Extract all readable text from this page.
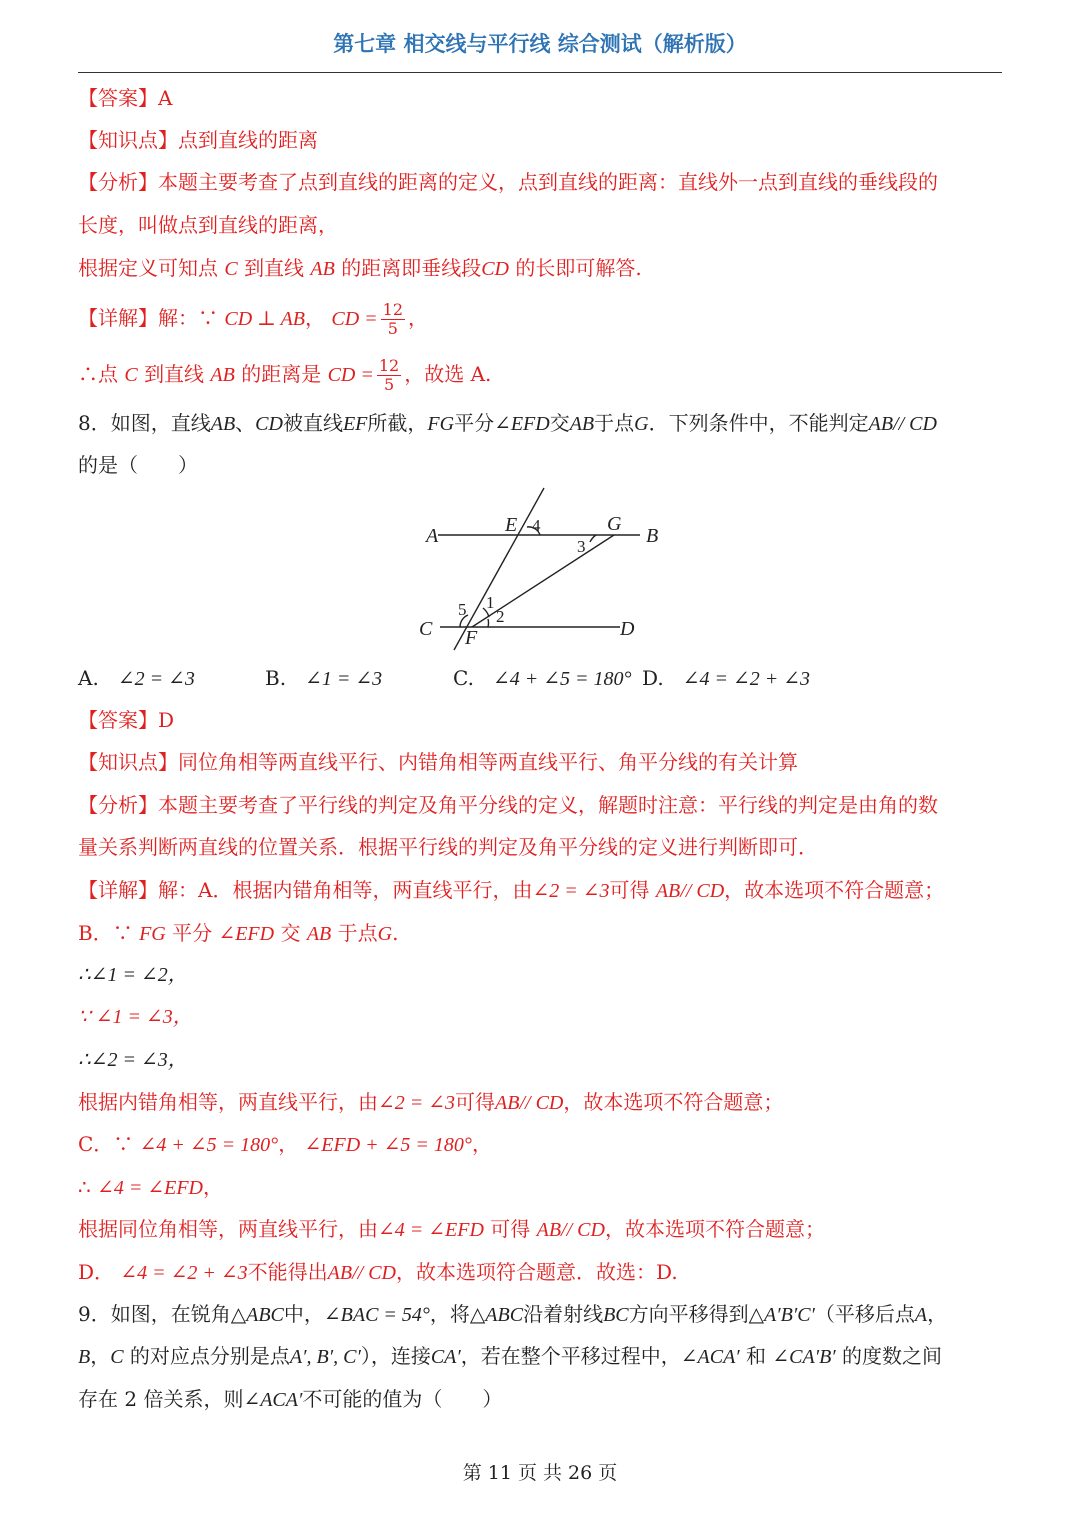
第七章 相交线与平行线 综合测试（解析版）
【答案】A
【知识点】点到直线的距离
【分析】本题主要考查了点到直线的距离的定义，点到直线的距离：直线外一点到直线的垂线段的
长度，叫做点到直线的距离，
根据定义可知点 C 到直线 AB 的距离即垂线段CD 的长即可解答.
【详解】解：∵ CD ⊥ AB， CD = $\frac{12}{5}$ ，
∴点 C 到直线 AB 的距离是 CD = $\frac{12}{5}$ ，故选 A.
8．如图，直线AB、CD被直线EF所截，FG平分∠EFD交AB于点G．下列条件中，不能判定AB// CD
的是（　　）
A	E	G
B
C F	D
4
3
1
2
5
A. ∠2 = ∠3	B. ∠1 = ∠3	C. ∠4 + ∠5 = 180° D. ∠4 = ∠2 + ∠3
【答案】D
【知识点】同位角相等两直线平行、内错角相等两直线平行、角平分线的有关计算
【分析】本题主要考查了平行线的判定及角平分线的定义，解题时注意：平行线的判定是由角的数
量关系判断两直线的位置关系．根据平行线的判定及角平分线的定义进行判断即可．
【详解】解：A．根据内错角相等，两直线平行，由∠2 = ∠3可得 AB// CD，故本选项不符合题意；
B．∵ FG 平分 ∠EFD 交 AB 于点G.
∴∠1 = ∠2，
∵ ∠1 = ∠3，
∴∠2 = ∠3，
根据内错角相等，两直线平行，由∠2 = ∠3可得AB// CD，故本选项不符合题意；
C．∵ ∠4 + ∠5 = 180°， ∠EFD + ∠5 = 180°，
∴ ∠4 = ∠EFD，
根据同位角相等，两直线平行，由∠4 = ∠EFD 可得 AB// CD，故本选项不符合题意；
D． ∠4 = ∠2 + ∠3不能得出AB// CD，故本选项符合题意．故选：D.
9．如图，在锐角△ABC中，∠BAC = 54°，将△ABC沿着射线BC方向平移得到△A′B′C′（平移后点A，
B，C 的对应点分别是点A′, B′, C′），连接CA′，若在整个平移过程中，∠ACA′ 和 ∠CA′B′ 的度数之间
存在 2 倍关系，则∠ACA′不可能的值为（　　）
第 11 页 共 26 页
